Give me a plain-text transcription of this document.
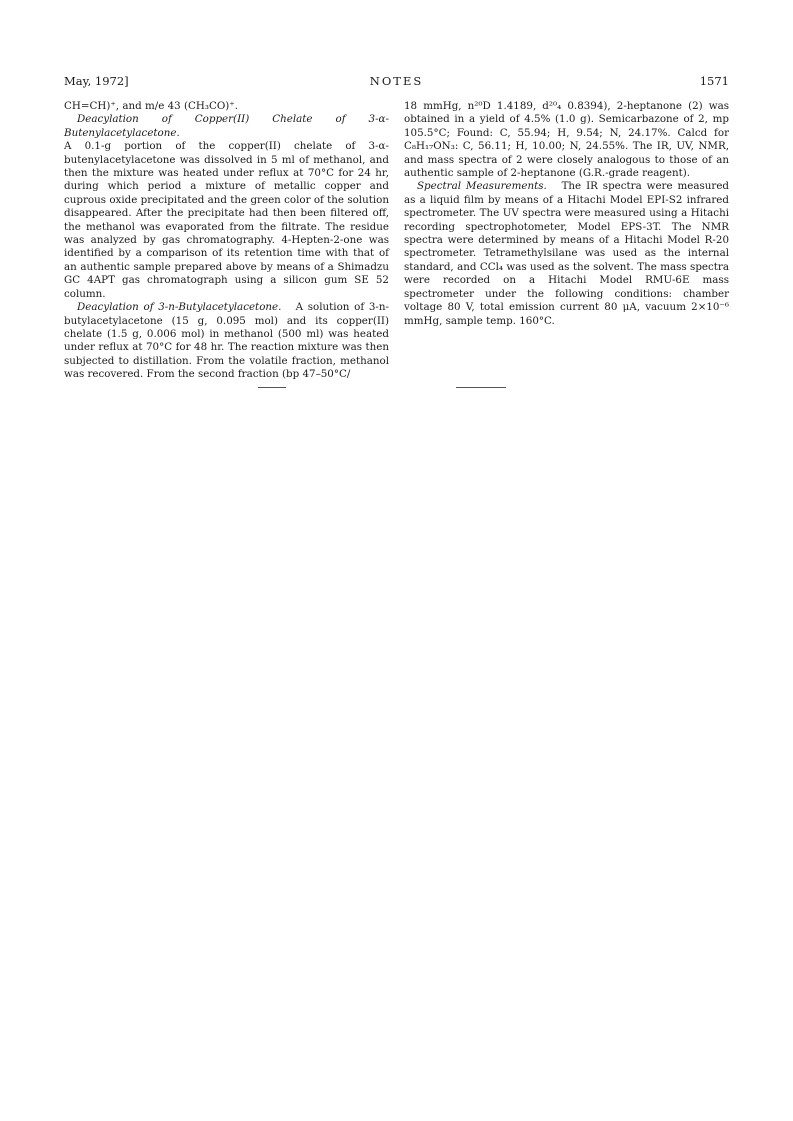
May, 1972]	NOTES	1571

CH=CH)⁺, and m/e 43 (CH₃CO)⁺.

Deacylation of Copper(II) Chelate of 3-α-Butenylacetylacetone.

A 0.1-g portion of the copper(II) chelate of 3-α-butenylacetylacetone was dissolved in 5 ml of methanol, and then the mixture was heated under reflux at 70°C for 24 hr, during which period a mixture of metallic copper and cuprous oxide precipitated and the green color of the solution disappeared. After the precipitate had then been filtered off, the methanol was evaporated from the filtrate. The residue was analyzed by gas chromatography. 4-Hepten-2-one was identified by a comparison of its retention time with that of an authentic sample prepared above by means of a Shimadzu GC 4APT gas chromatograph using a silicon gum SE 52 column.

Deacylation of 3-n-Butylacetylacetone. A solution of 3-n-butylacetylacetone (15 g, 0.095 mol) and its copper(II) chelate (1.5 g, 0.006 mol) in methanol (500 ml) was heated under reflux at 70°C for 48 hr. The reaction mixture was then subjected to distillation. From the volatile fraction, methanol was recovered. From the second fraction (bp 47–50°C/

18 mmHg, n²⁰D 1.4189, d²⁰₄ 0.8394), 2-heptanone (2) was obtained in a yield of 4.5% (1.0 g). Semicarbazone of 2, mp 105.5°C; Found: C, 55.94; H, 9.54; N, 24.17%. Calcd for C₈H₁₇ON₃: C, 56.11; H, 10.00; N, 24.55%. The IR, UV, NMR, and mass spectra of 2 were closely analogous to those of an authentic sample of 2-heptanone (G.R.-grade reagent).

Spectral Measurements. The IR spectra were measured as a liquid film by means of a Hitachi Model EPI-S2 infrared spectrometer. The UV spectra were measured using a Hitachi recording spectrophotometer, Model EPS-3T. The NMR spectra were determined by means of a Hitachi Model R-20 spectrometer. Tetramethylsilane was used as the internal standard, and CCl₄ was used as the solvent. The mass spectra were recorded on a Hitachi Model RMU-6E mass spectrometer under the following conditions: chamber voltage 80 V, total emission current 80 μA, vacuum 2×10⁻⁶ mmHg, sample temp. 160°C.
